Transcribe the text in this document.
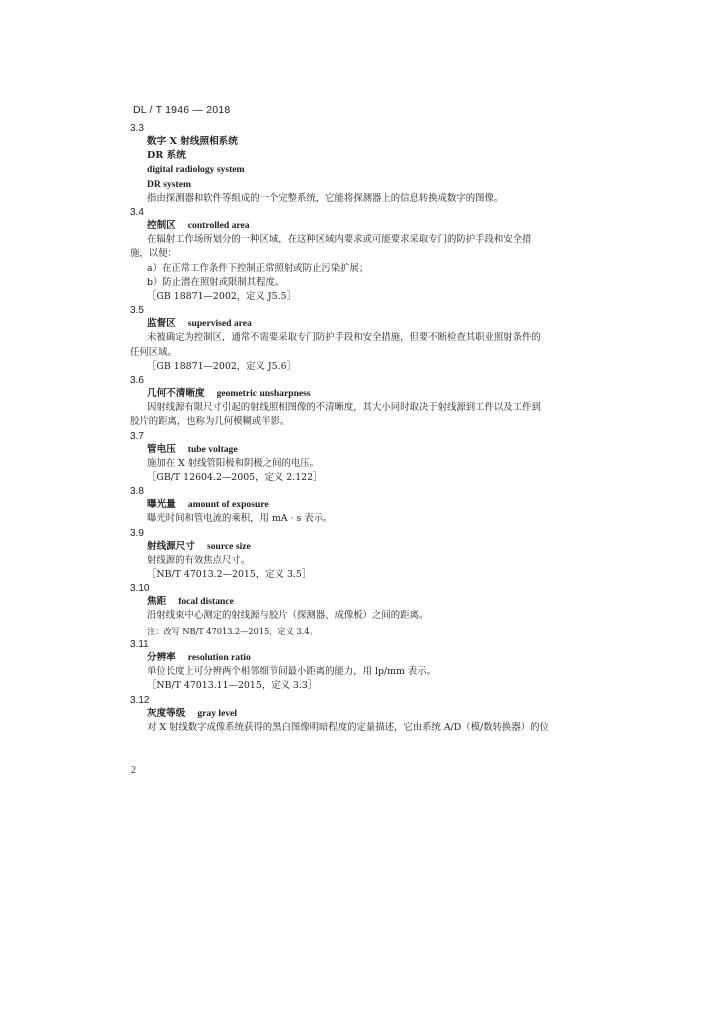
DL / T 1946 — 2018
3.3
数字 X 射线照相系统
DR 系统
digital radiology system
DR system
指由探测器和软件等组成的一个完整系统，它能将探测器上的信息转换成数字的图像。
3.4
控制区 controlled area
在辐射工作场所划分的一种区域，在这种区域内要求或可能要求采取专门的防护手段和安全措
施，以便：
a）在正常工作条件下控制正常照射或防止污染扩展；
b）防止潜在照射或限制其程度。
［GB 18871—2002，定义 J5.5］
3.5
监督区 supervised area
未被确定为控制区，通常不需要采取专门防护手段和安全措施，但要不断检查其职业照射条件的
任何区域。
［GB 18871—2002，定义 J5.6］
3.6
几何不清晰度 geometric unsharpness
因射线源有限尺寸引起的射线照相图像的不清晰度，其大小同时取决于射线源到工件以及工件到
胶片的距离，也称为几何模糊或半影。
3.7
管电压 tube voltage
施加在 X 射线管阳极和阴极之间的电压。
［GB/T 12604.2—2005，定义 2.122］
3.8
曝光量 amount of exposure
曝光时间和管电流的乘积，用 mA · s 表示。
3.9
射线源尺寸 source size
射线源的有效焦点尺寸。
［NB/T 47013.2—2015，定义 3.5］
3.10
焦距 focal distance
沿射线束中心测定的射线源与胶片（探测器、成像板）之间的距离。
注：改写 NB/T 47013.2—2015，定义 3.4。
3.11
分辨率 resolution ratio
单位长度上可分辨两个相邻细节间最小距离的能力，用 lp/mm 表示。
［NB/T 47013.11—2015，定义 3.3］
3.12
灰度等级 gray level
对 X 射线数字成像系统获得的黑白图像明暗程度的定量描述，它由系统 A/D（模/数转换器）的位
2
